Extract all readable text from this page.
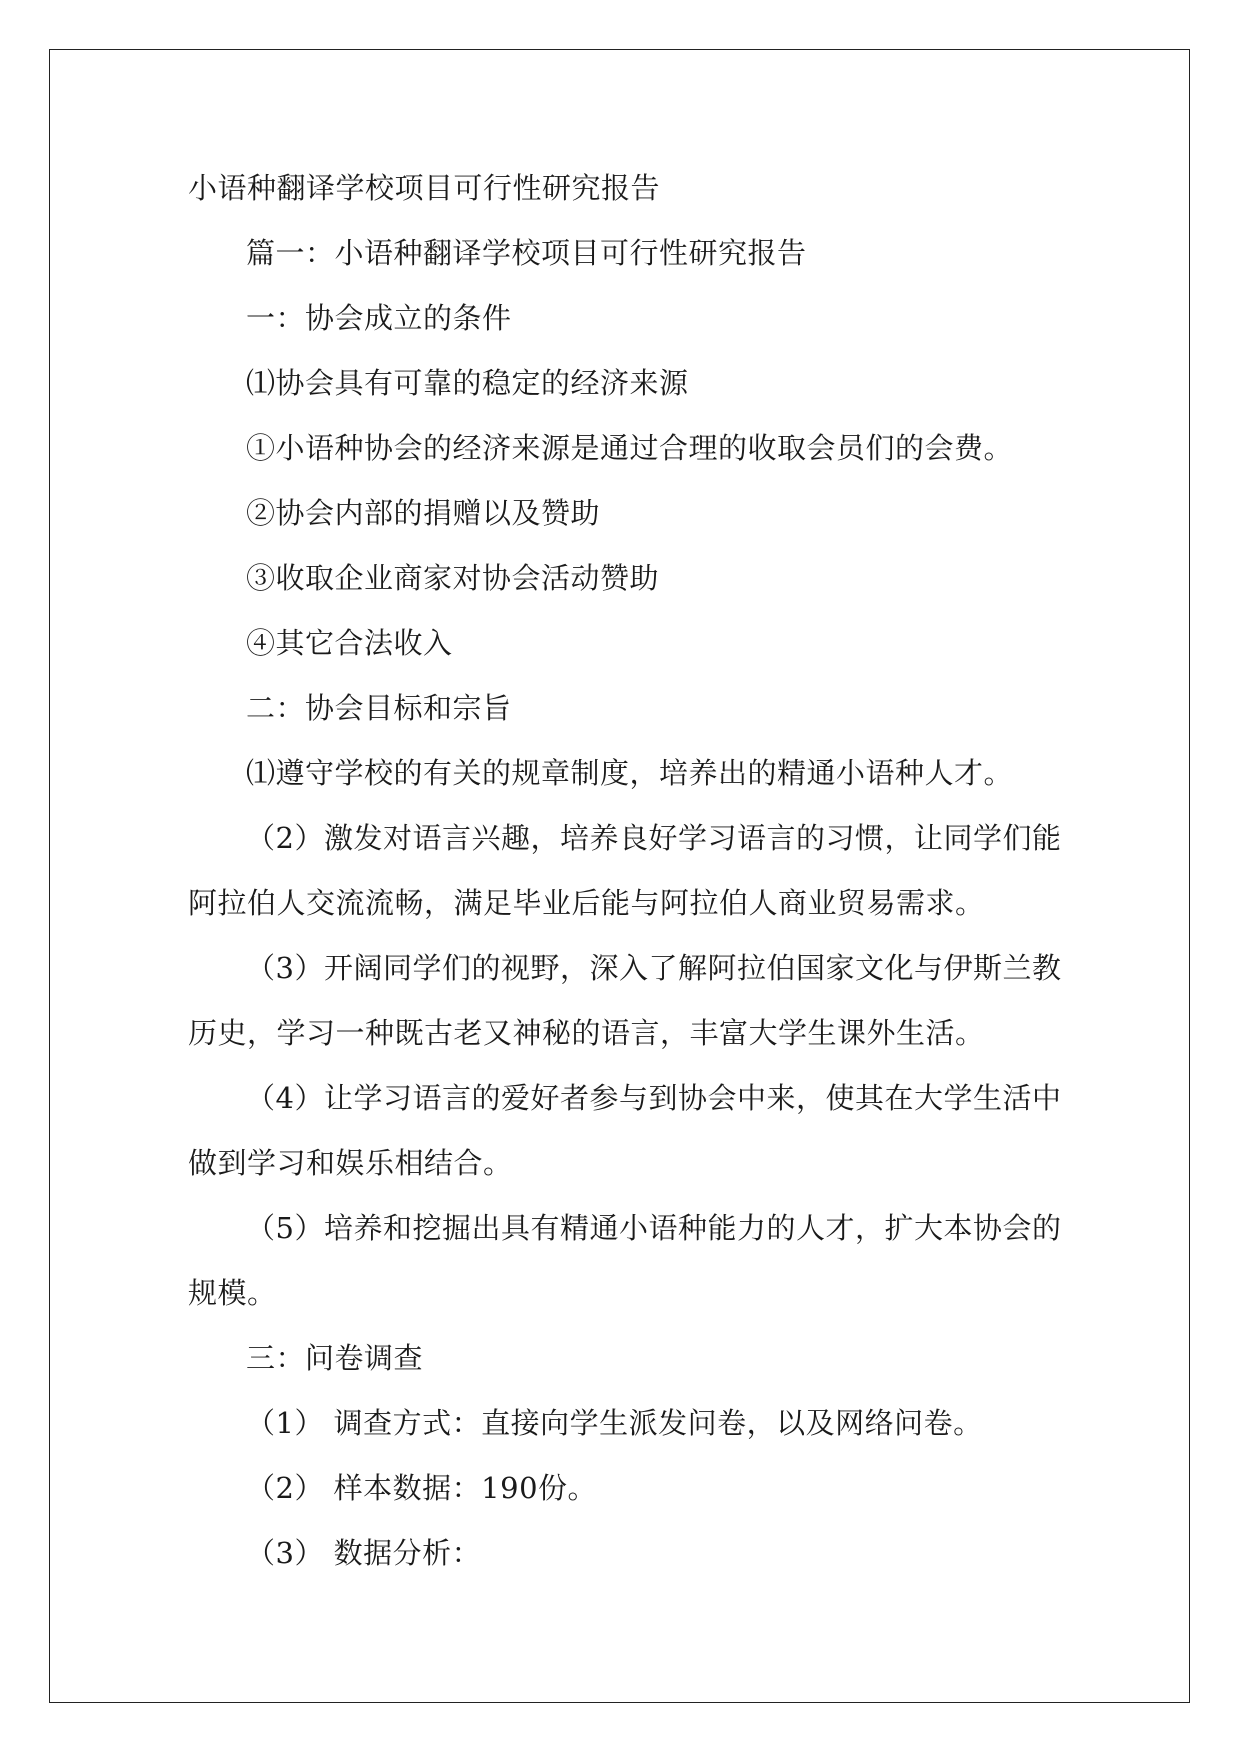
小语种翻译学校项目可行性研究报告
篇一：小语种翻译学校项目可行性研究报告
一：协会成立的条件
⑴协会具有可靠的稳定的经济来源
①小语种协会的经济来源是通过合理的收取会员们的会费。
②协会内部的捐赠以及赞助
③收取企业商家对协会活动赞助
④其它合法收入
二：协会目标和宗旨
⑴遵守学校的有关的规章制度，培养出的精通小语种人才。
（2）激发对语言兴趣，培养良好学习语言的习惯，让同学们能
阿拉伯人交流流畅，满足毕业后能与阿拉伯人商业贸易需求。
（3）开阔同学们的视野，深入了解阿拉伯国家文化与伊斯兰教
历史，学习一种既古老又神秘的语言，丰富大学生课外生活。
（4）让学习语言的爱好者参与到协会中来，使其在大学生活中
做到学习和娱乐相结合。
（5）培养和挖掘出具有精通小语种能力的人才，扩大本协会的
规模。
三：问卷调查
（1） 调查方式：直接向学生派发问卷，以及网络问卷。
（2） 样本数据：190份。
（3） 数据分析：
